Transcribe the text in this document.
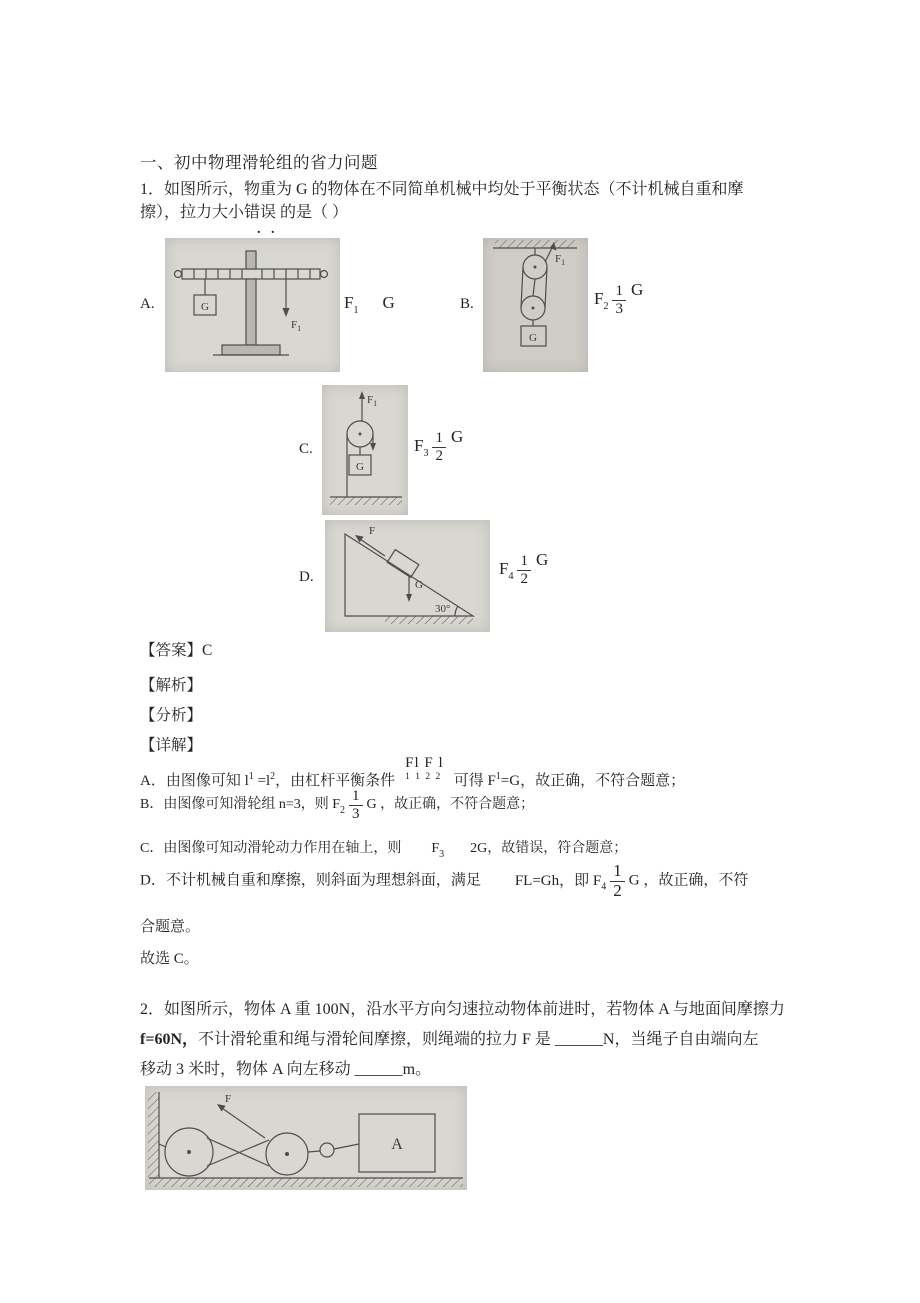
一、初中物理滑轮组的省力问题
1．如图所示，物重为 G 的物体在不同简单机械中均处于平衡状态（不计机械自重和摩
擦），拉力大小错误 的是（ ）
. .
A.	G
$F_1$
$F_1$ G	B.
$F_1$
G
$F_2 \frac{1}{3}$ G
C.
$F_1$
G
$F_3 \frac{1}{2}$ G
D.
F
G
30°
$F_4 \frac{1}{2}$ G
【答案】C
【解析】
【分析】
【详解】
A．由图像可知 $l^1 =l^2$，由杠杆平衡条件
Fl F l
1 1 2 2 可得 $F^1=G$，故正确，不符合题意；
B．由图像可知滑轮组 n=3，则 $F_2 \frac{1}{3}$ G ，故正确，不符合题意；
C．由图像可知动滑轮动力作用在轴上，则 $F_3$ 2G，故错误，符合题意；
D．不计机械自重和摩擦，则斜面为理想斜面，满足 FL=Gh，即 $F_4 \frac{1}{2}$ G ，故正确，不符
合题意。
故选 C。
2．如图所示，物体 A 重 100N，沿水平方向匀速拉动物体前进时，若物体 A 与地面间摩擦力
f=60N，不计滑轮重和绳与滑轮间摩擦，则绳端的拉力 F 是 ______N，当绳子自由端向左
移动 3 米时，物体 A 向左移动 ______m。
F
A
